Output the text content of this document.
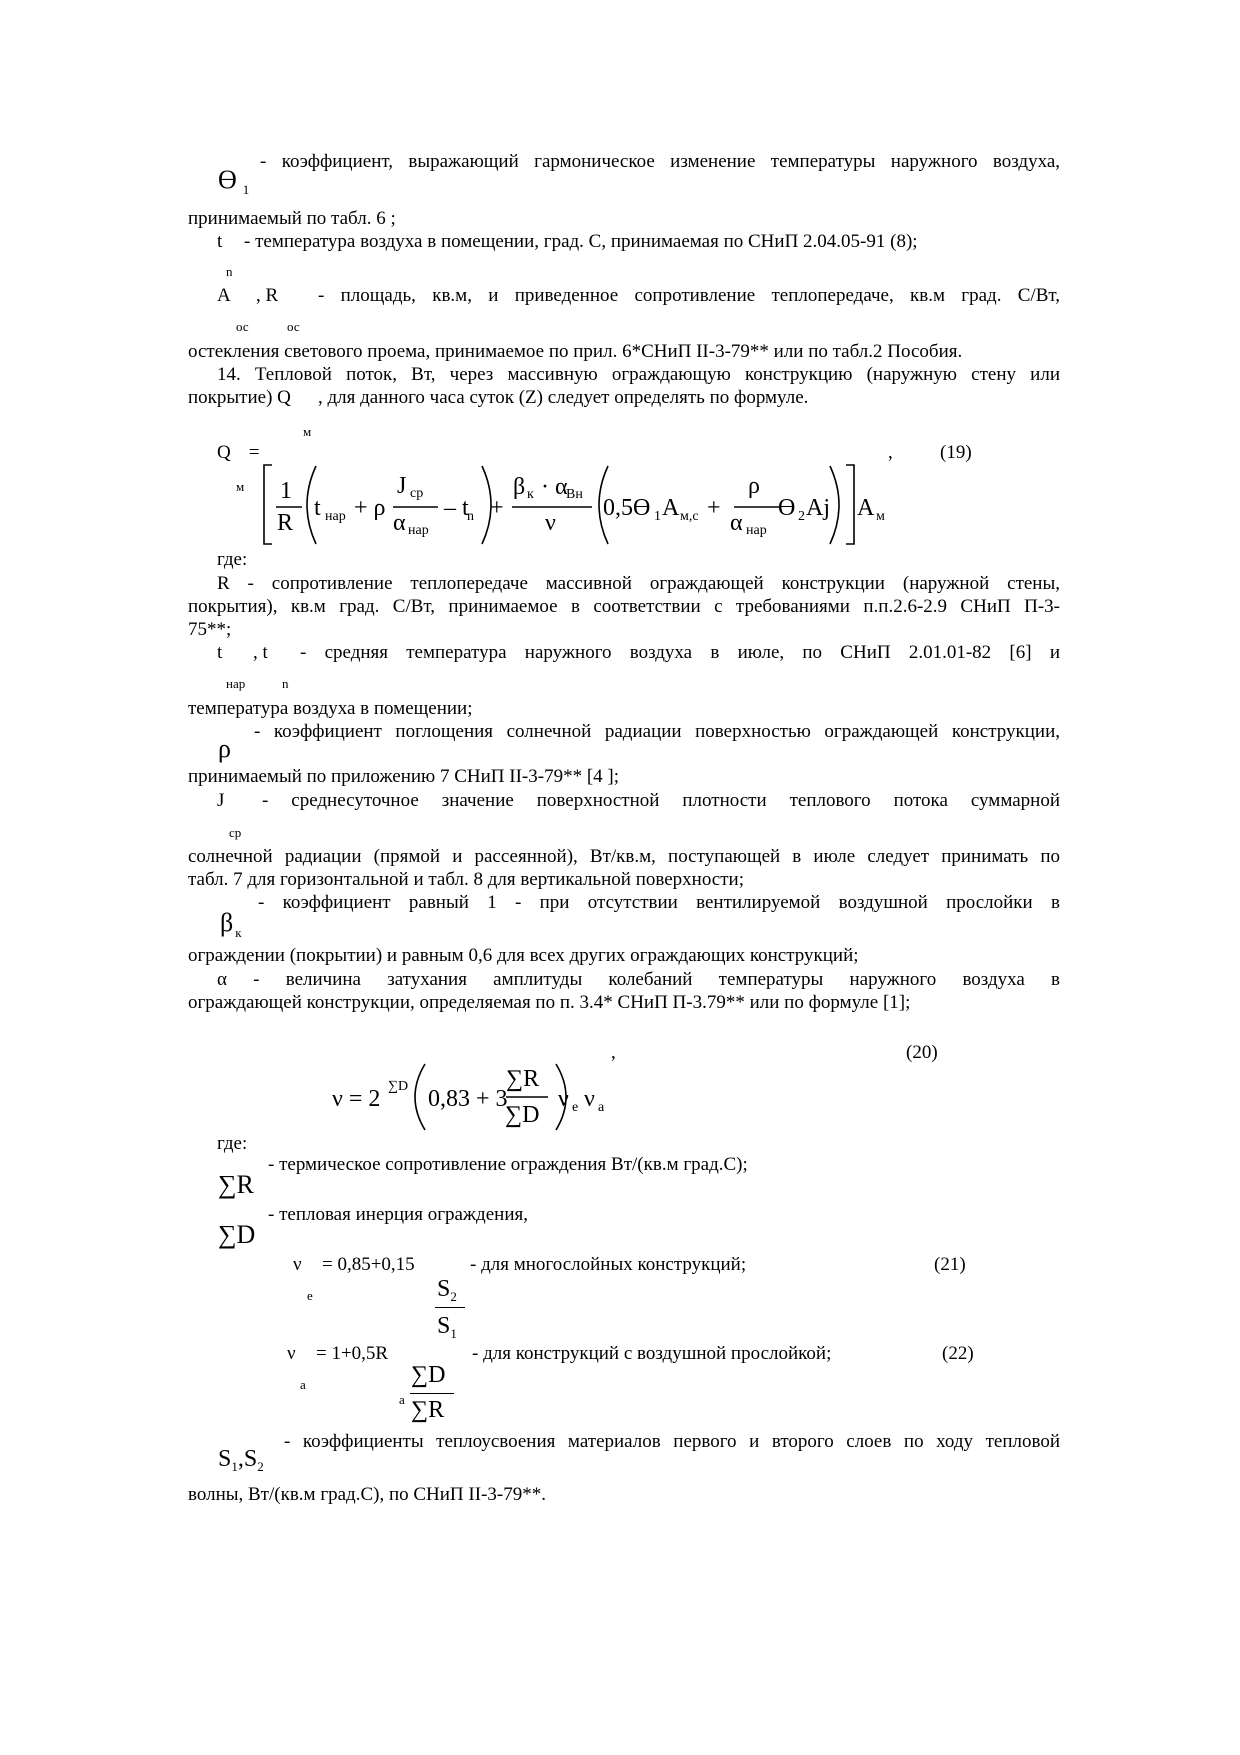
ϴ $_1$
- коэффициент, выражающий гармоническое изменение температуры наружного воздуха,
принимаемый по табл. 6 ;
t - температура воздуха в помещении, град. С, принимаемая по СНиП 2.04.05-91 (8);
n
A , R - площадь, кв.м, и приведенное сопротивление теплопередаче, кв.м град. С/Вт,
ос	ос
остекления светового проема, принимаемое по прил. 6*СНиП II-3-79** или по табл.2 Пособия.
14. Тепловой поток, Вт, через массивную ограждающую конструкцию (наружную стену или
покрытие) Q , для данного часа суток (Z) следует определять по формуле.
м
Q =
м
, (19)
1
R
t нар + ρ
J ср
α нар
– t
n +
β к · α
Вн
ν
0,5ϴ 1 A м,с +
ρ
α нар
ϴ 2 Aj A м
где:
R - сопротивление теплопередаче массивной ограждающей конструкции (наружной стены,
покрытия), кв.м град. С/Вт, принимаемое в соответствии с требованиями п.п.2.6-2.9 СНиП П-3-
75**;
t , t - средняя температура наружного воздуха в июле, по СНиП 2.01.01-82 [6] и
нар	n
температура воздуха в помещении;
ρ
- коэффициент поглощения солнечной радиации поверхностью ограждающей конструкции,
принимаемый по приложению 7 СНиП II-3-79** [4 ];
J - среднесуточное значение поверхностной плотности теплового потока суммарной
ср
солнечной радиации (прямой и рассеянной), Вт/кв.м, поступающей в июле следует принимать по
табл. 7 для горизонтальной и табл. 8 для вертикальной поверхности;
β $_к$
- коэффициент равный 1 - при отсутствии вентилируемой воздушной прослойки в
ограждении (покрытии) и равным 0,6 для всех других ограждающих конструкций;
α - величина затухания амплитуды колебаний температуры наружного воздуха в
ограждающей конструкции, определяемая по п. 3.4* СНиП П-3.79** или по формуле [1];
,	(20)
ν = 2 ∑D 0,83 + 3
∑R
∑D
ν e ν a
где:
∑R
- термическое сопротивление ограждения Вт/(кв.м град.С);
∑D
- тепловая инерция ограждения,
ν
e
= 0,85+0,15
$S_2$
$S_1$
- для многослойных конструкций;	(21)
ν
a
= 1+0,5R
a
∑D
∑R
- для конструкций с воздушной прослойкой;	(22)
$S_1,S_2$
- коэффициенты теплоусвоения материалов первого и второго слоев по ходу тепловой
волны, Вт/(кв.м град.С), по СНиП II-3-79**.
